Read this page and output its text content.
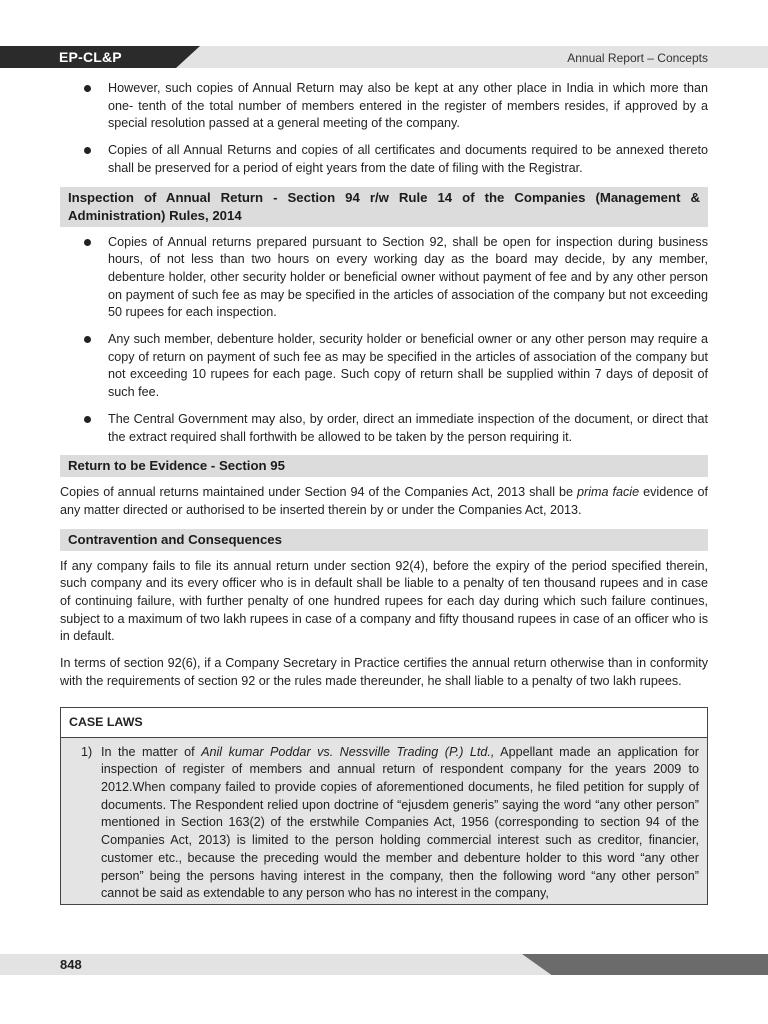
EP-CL&P	Annual Report – Concepts
However, such copies of Annual Return may also be kept at any other place in India in which more than one- tenth of the total number of members entered in the register of members resides, if approved by a special resolution passed at a general meeting of the company.
Copies of all Annual Returns and copies of all certificates and documents required to be annexed thereto shall be preserved for a period of eight years from the date of filing with the Registrar.
Inspection of Annual Return - Section 94 r/w Rule 14 of the Companies (Management & Administration) Rules, 2014
Copies of Annual returns prepared pursuant to Section 92, shall be open for inspection during business hours, of not less than two hours on every working day as the board may decide, by any member, debenture holder, other security holder or beneficial owner without payment of fee and by any other person on payment of such fee as may be specified in the articles of association of the company but not exceeding 50 rupees for each inspection.
Any such member, debenture holder, security holder or beneficial owner or any other person may require a copy of return on payment of such fee as may be specified in the articles of association of the company but not exceeding 10 rupees for each page. Such copy of return shall be supplied within 7 days of deposit of such fee.
The Central Government may also, by order, direct an immediate inspection of the document, or direct that the extract required shall forthwith be allowed to be taken by the person requiring it.
Return to be Evidence - Section 95

Copies of annual returns maintained under Section 94 of the Companies Act, 2013 shall be prima facie evidence of any matter directed or authorised to be inserted therein by or under the Companies Act, 2013.

Contravention and Consequences

If any company fails to file its annual return under section 92(4), before the expiry of the period specified therein, such company and its every officer who is in default shall be liable to a penalty of ten thousand rupees and in case of continuing failure, with further penalty of one hundred rupees for each day during which such failure continues, subject to a maximum of two lakh rupees in case of a company and fifty thousand rupees in case of an officer who is in default.

In terms of section 92(6), if a Company Secretary in Practice certifies the annual return otherwise than in conformity with the requirements of section 92 or the rules made thereunder, he shall liable to a penalty of two lakh rupees.

CASE LAWS
1) In the matter of Anil kumar Poddar vs. Nessville Trading (P.) Ltd., Appellant made an application for inspection of register of members and annual return of respondent company for the years 2009 to 2012.When company failed to provide copies of aforementioned documents, he filed petition for supply of documents. The Respondent relied upon doctrine of “ejusdem generis” saying the word “any other person” mentioned in Section 163(2) of the erstwhile Companies Act, 1956 (corresponding to section 94 of the Companies Act, 2013) is limited to the person holding commercial interest such as creditor, financier, customer etc., because the preceding would the member and debenture holder to this word “any other person” being the persons having interest in the company, then the following word “any other person” cannot be said as extendable to any person who has no interest in the company,
848
